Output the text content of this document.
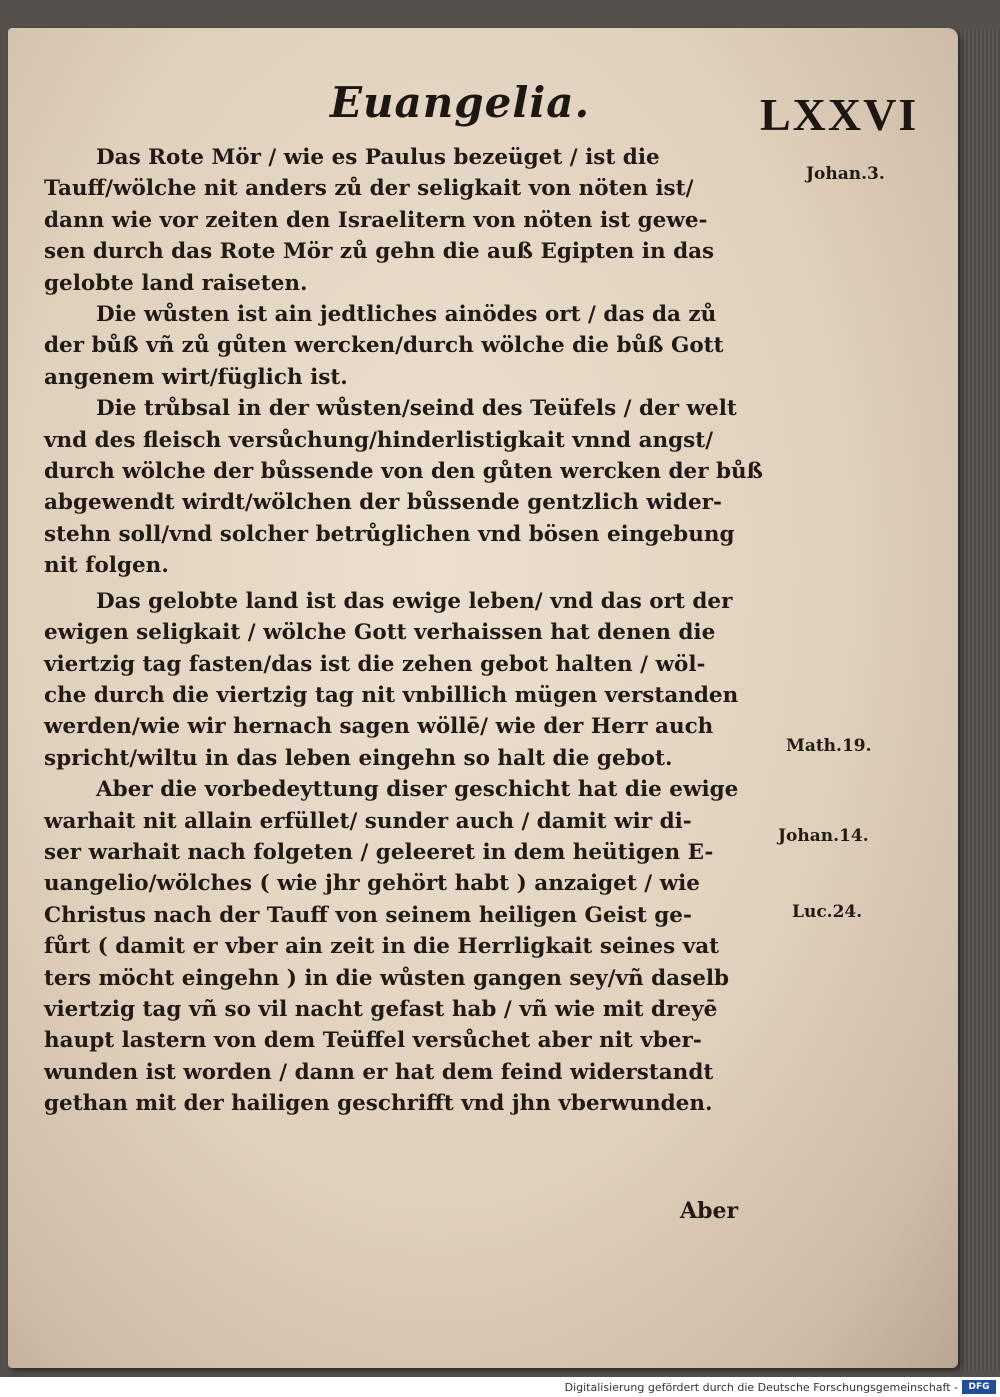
Euangelia.	LXXVI
Das Rote Mör / wie es Paulus bezeüget / ist die
Tauff/wölche nit anders zů der seligkait von nöten ist/
dann wie vor zeiten den Israelitern von nöten ist gewe-
sen durch das Rote Mör zů gehn die auß Egipten in das
gelobte land raiseten.
Die wůsten ist ain jedtliches ainödes ort / das da zů
der bůß vñ zů gůten wercken/durch wölche die bůß Gott
angenem wirt/füglich ist.
Die trůbsal in der wůsten/seind des Teüfels / der welt
vnd des fleisch versůchung/hinderlistigkait vnnd angst/
durch wölche der bůssende von den gůten wercken der bůß
abgewendt wirdt/wölchen der bůssende gentzlich wider-
stehn soll/vnd solcher betrůglichen vnd bösen eingebung
nit folgen.
Das gelobte land ist das ewige leben/ vnd das ort der
ewigen seligkait / wölche Gott verhaissen hat denen die
viertzig tag fasten/das ist die zehen gebot halten / wöl-
che durch die viertzig tag nit vnbillich mügen verstanden
werden/wie wir hernach sagen wöllē/ wie der Herr auch
spricht/wiltu in das leben eingehn so halt die gebot.
Aber die vorbedeyttung diser geschicht hat die ewige
warhait nit allain erfüllet/ sunder auch / damit wir di-
ser warhait nach folgeten / geleeret in dem heütigen E-
uangelio/wölches ( wie jhr gehört habt ) anzaiget / wie
Christus nach der Tauff von seinem heiligen Geist ge-
fůrt ( damit er vber ain zeit in die Herrligkait seines vat
ters möcht eingehn ) in die wůsten gangen sey/vñ daselb
viertzig tag vñ so vil nacht gefast hab / vñ wie mit dreyē
haupt lastern von dem Teüffel versůchet aber nit vber-
wunden ist worden / dann er hat dem feind widerstandt
gethan mit der hailigen geschrifft vnd jhn vberwunden.
Johan.3.
Math.19.
Johan.14.
Luc.24.
Aber
Digitalisierung gefördert durch die Deutsche Forschungsgemeinschaft -	DFG
